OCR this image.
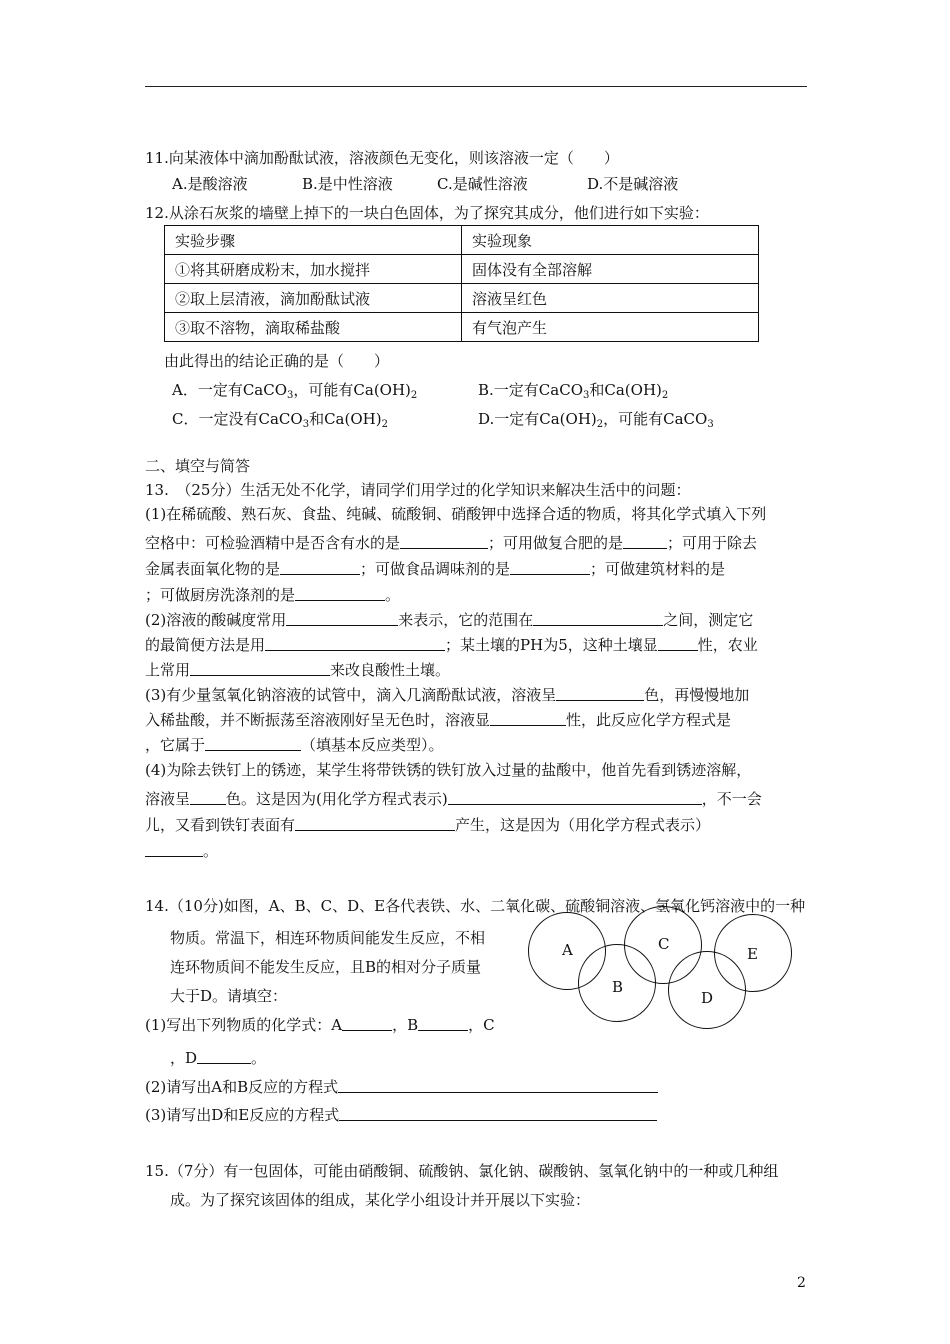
11.向某液体中滴加酚酞试液，溶液颜色无变化，则该溶液一定（　　）
A.是酸溶液	B.是中性溶液	C.是碱性溶液	D.不是碱溶液
12.从涂石灰浆的墙壁上掉下的一块白色固体，为了探究其成分，他们进行如下实验：
实验步骤	实验现象
①将其研磨成粉末，加水搅拌	固体没有全部溶解
②取上层清液，滴加酚酞试液	溶液呈红色
③取不溶物，滴取稀盐酸	有气泡产生
由此得出的结论正确的是（　　）
A．一定有CaCO$_3$，可能有$Ca(OH)_2$	B.一定有CaCO$_3$和$Ca(OH)_2$
C．一定没有CaCO$_3$和$Ca(OH)_2$	D.一定有$Ca(OH)_2$，可能有CaCO$_3$
二、填空与简答
13.　（25分）生活无处不化学，请同学们用学过的化学知识来解决生活中的问题：
(1)在稀硫酸、熟石灰、食盐、纯碱、硫酸铜、硝酸钾中选择合适的物质，将其化学式填入下列
空格中：可检验酒精中是否含有水的是	；可用做复合肥的是	；可用于除去
金属表面氧化物的是	；可做食品调味剂的是	；可做建筑材料的是
；可做厨房洗涤剂的是	。
(2)溶液的酸碱度常用	来表示，它的范围在	之间，测定它
的最简便方法是用	；某土壤的PH为5，这种土壤显	性，农业
上常用	来改良酸性土壤。
(3)有少量氢氧化钠溶液的试管中，滴入几滴酚酞试液，溶液呈	色，再慢慢地加
入稀盐酸，并不断振荡至溶液刚好呈无色时，溶液显	性，此反应化学方程式是
，它属于	（填基本反应类型）。
(4)为除去铁钉上的锈迹，某学生将带铁锈的铁钉放入过量的盐酸中，他首先看到锈迹溶解，
溶液呈 色。这是因为(用化学方程式表示)	，不一会
儿，又看到铁钉表面有	产生，这是因为（用化学方程式表示）
。
14.（10分)如图，A、B、C、D、E各代表铁、水、二氧化碳、硫酸铜溶液、氢氧化钙溶液中的一种
物质。常温下，相连环物质间能发生反应，不相
连环物质间不能发生反应，且B的相对分子质量
大于D。请填空：
A
B
C
D
E
(1)写出下列物质的化学式：A	，B	，C
，D	。
(2)请写出A和B反应的方程式
(3)请写出D和E反应的方程式
15.（7分）有一包固体，可能由硝酸铜、硫酸钠、氯化钠、碳酸钠、氢氧化钠中的一种或几种组
成。为了探究该固体的组成，某化学小组设计并开展以下实验：
2
